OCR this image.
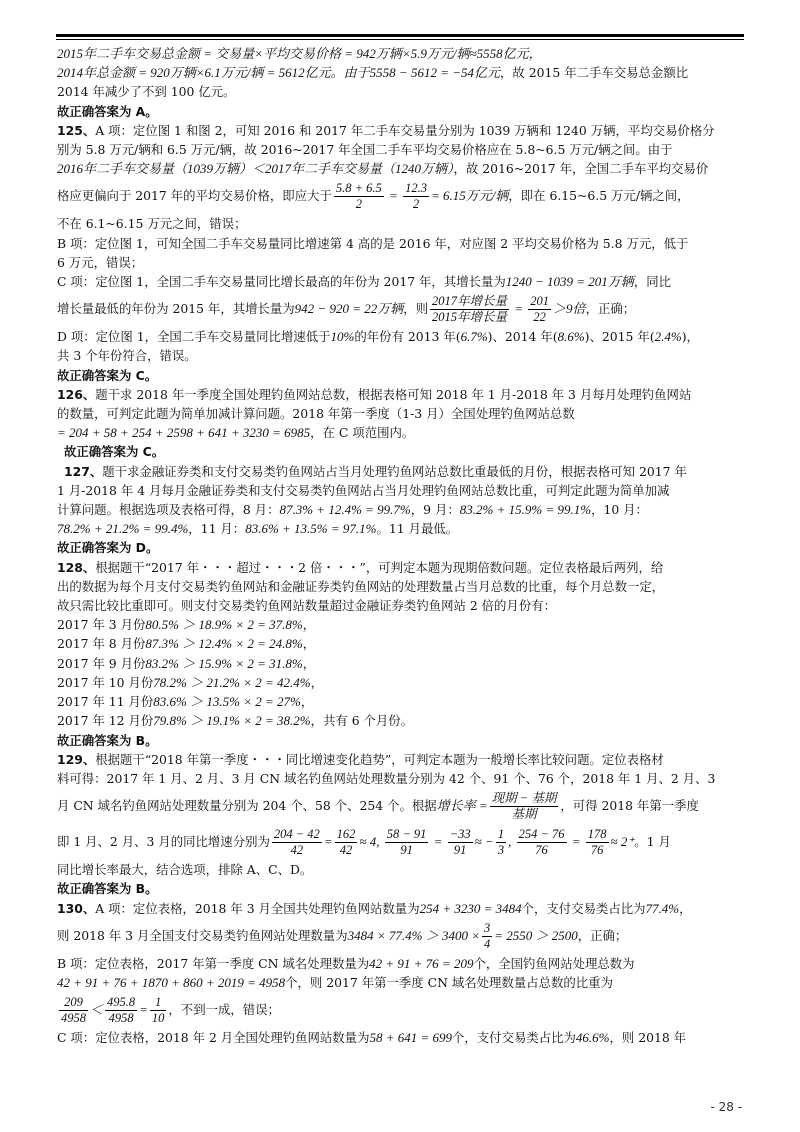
2015年二手车交易总金额 = 交易量×平均交易价格 = 942万辆×5.9万元/辆≈5558亿元，

2014年总金额 = 920万辆×6.1万元/辆 = 5612亿元。由于5558 − 5612 = −54亿元，故 2015 年二手车交易总金额比

2014 年减少了不到 100 亿元。

故正确答案为 A。

125、A 项：定位图 1 和图 2，可知 2016 和 2017 年二手车交易量分别为 1039 万辆和 1240 万辆，平均交易价格分

别为 5.8 万元/辆和 6.5 万元/辆，故 2016~2017 年全国二手车平均交易价格应在 5.8~6.5 万元/辆之间。由于

2016年二手车交易量（1039万辆）＜2017年二手车交易量（1240万辆），故 2016~2017 年，全国二手车平均交易价

格应更偏向于 2017 年的平均交易价格，即应大于 $\frac{5.8 + 6.5}{2} = \frac{12.3}{2} = 6.15$万元/辆，即在 6.15~6.5 万元/辆之间，

不在 6.1~6.15 万元之间，错误；

B 项：定位图 1，可知全国二手车交易量同比增速第 4 高的是 2016 年，对应图 2 平均交易价格为 5.8 万元，低于

6 万元，错误；

C 项：定位图 1，全国二手车交易量同比增长最高的年份为 2017 年，其增长量为1240 − 1039 = 201万辆，同比

增长量最低的年份为 2015 年，其增长量为942 − 920 = 22万辆，则 $\frac{\text{2017年增长量}}{\text{2015年增长量}} = \frac{201}{22} >9$倍，正确；

D 项：定位图 1，全国二手车交易量同比增速低于10%的年份有 2013 年(6.7%)、2014 年(8.6%)、2015 年(2.4%)，

共 3 个年份符合，错误。

故正确答案为 C。

126、题干求 2018 年一季度全国处理钓鱼网站总数，根据表格可知 2018 年 1 月-2018 年 3 月每月处理钓鱼网站

的数量，可判定此题为简单加减计算问题。2018 年第一季度（1-3 月）全国处理钓鱼网站总数

= 204 + 58 + 254 + 2598 + 641 + 3230 = 6985，在 C 项范围内。

故正确答案为 C。

127、题干求金融证券类和支付交易类钓鱼网站占当月处理钓鱼网站总数比重最低的月份，根据表格可知 2017 年

1 月-2018 年 4 月每月金融证券类和支付交易类钓鱼网站占当月处理钓鱼网站总数比重，可判定此题为简单加减

计算问题。根据选项及表格可得，8 月：87.3% + 12.4% = 99.7%，9 月：83.2% + 15.9% = 99.1%，10 月：

78.2% + 21.2% = 99.4%，11 月：83.6% + 13.5% = 97.1%。11 月最低。

故正确答案为 D。

128、根据题干“2017 年・・・超过・・・2 倍・・・”，可判定本题为现期倍数问题。定位表格最后两列，给

出的数据为每个月支付交易类钓鱼网站和金融证券类钓鱼网站的处理数量占当月总数的比重，每个月总数一定，

故只需比较比重即可。则支付交易类钓鱼网站数量超过金融证券类钓鱼网站 2 倍的月份有：

2017 年 3 月份80.5% ＞ 18.9% × 2 = 37.8%，

2017 年 8 月份87.3% ＞ 12.4% × 2 = 24.8%，

2017 年 9 月份83.2% ＞ 15.9% × 2 = 31.8%，

2017 年 10 月份78.2% ＞ 21.2% × 2 = 42.4%，

2017 年 11 月份83.6% ＞ 13.5% × 2 = 27%，

2017 年 12 月份79.8% ＞ 19.1% × 2 = 38.2%，共有 6 个月份。

故正确答案为 B。

129、根据题干“2018 年第一季度・・・同比增速变化趋势”，可判定本题为一般增长率比较问题。定位表格材

料可得：2017 年 1 月、2 月、3 月 CN 域名钓鱼网站处理数量分别为 42 个、91 个、76 个，2018 年 1 月、2 月、3

月 CN 域名钓鱼网站处理数量分别为 204 个、58 个、254 个。根据增长率 = $\frac{\text{现期 − 基期}}{\text{基期}}$ ，可得 2018 年第一季度

即 1 月、2 月、3 月的同比增速分别为 $\frac{204 - 42}{42} = \frac{162}{42} \approx 4$, $\frac{58 - 91}{91} = \frac{-33}{91}$ ≈ − $\frac{1}{3}$ , $\frac{254 - 76}{76} = \frac{178}{76} \approx 2^+$。1 月

同比增长率最大，结合选项，排除 A、C、D。

故正确答案为 B。

130、A 项：定位表格，2018 年 3 月全国共处理钓鱼网站数量为254 + 3230 = 3484个，支付交易类占比为77.4%，

则 2018 年 3 月全国支付交易类钓鱼网站处理数量为$3484 \times 77.4\% > 3400 \times \frac{3}{4} = 2550 > 2500$，正确；

B 项：定位表格，2017 年第一季度 CN 域名处理数量为42 + 91 + 76 = 209个，全国钓鱼网站处理总数为

42 + 91 + 76 + 1870 + 860 + 2019 = 4958个，则 2017 年第一季度 CN 域名处理数量占总数的比重为

$\frac{209}{4958} < \frac{495.8}{4958} = \frac{1}{10}$ ，不到一成，错误；

C 项：定位表格，2018 年 2 月全国处理钓鱼网站数量为58 + 641 = 699个，支付交易类占比为46.6%，则 2018 年

- 28 -
